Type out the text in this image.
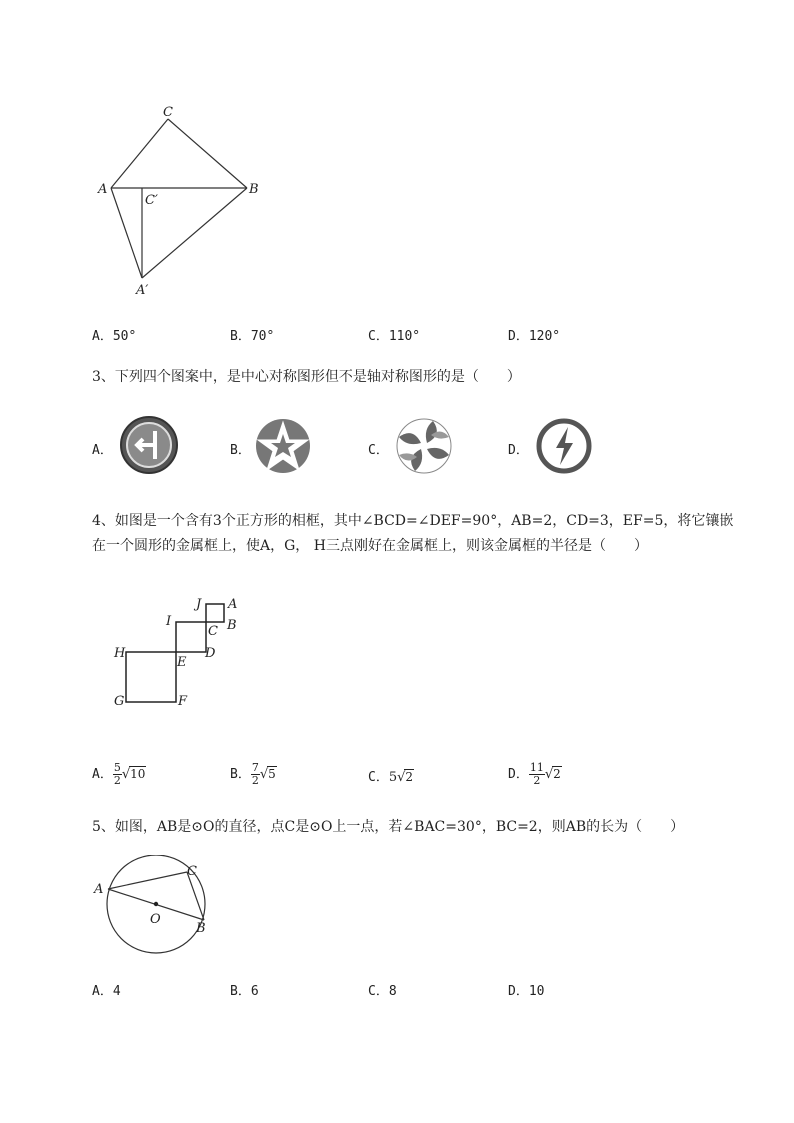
C
A	B
C′
A′
A．50°	B．70°	C．110°	D．120°
3、下列四个图案中，是中心对称图形但不是轴对称图形的是（　　）
A．	B．	C．	D．
4、如图是一个含有3个正方形的相框，其中∠BCD=∠DEF=90°，AB=2，CD=3，EF=5，将它镶嵌
在一个圆形的金属框上，使A，G， H三点刚好在金属框上，则该金属框的半径是（　　）
J A
I
C B
H
E
D
G	F
A． $\frac{5}{2} √10$	B． $\frac{7}{2} √5$	C．5√2	D． $\frac{11}{2} √2$
5、如图，AB是⊙O的直径，点C是⊙O上一点，若∠BAC=30°，BC=2，则AB的长为（　　）
A
C
O
B
A．4	B．6	C．8	D．10
